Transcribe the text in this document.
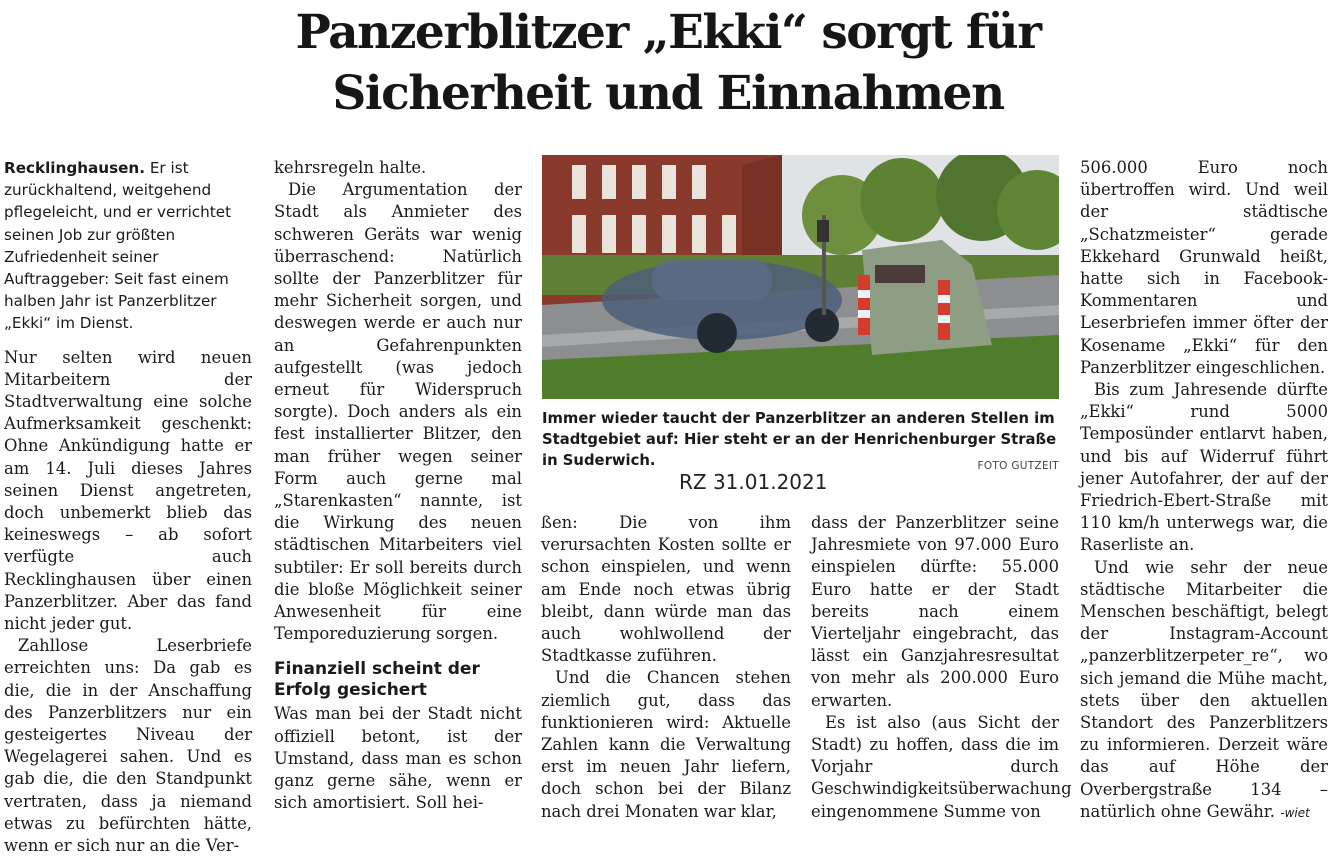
Panzerblitzer „Ekki“ sorgt für
Sicherheit und Einnahmen

Recklinghausen. Er ist zurückhaltend, weitgehend pflegeleicht, und er verrichtet seinen Job zur größten Zufriedenheit seiner Auftraggeber: Seit fast einem halben Jahr ist Panzerblitzer „Ekki“ im Dienst.

Nur selten wird neuen Mitarbeitern der Stadtverwaltung eine solche Aufmerksamkeit geschenkt: Ohne Ankündigung hatte er am 14. Juli dieses Jahres seinen Dienst angetreten, doch unbemerkt blieb das keineswegs – ab sofort verfügte auch Recklinghausen über einen Panzerblitzer. Aber das fand nicht jeder gut.

Zahllose Leserbriefe erreichten uns: Da gab es die, die in der Anschaffung des Panzerblitzers nur ein gesteigertes Niveau der Wegelagerei sahen. Und es gab die, die den Standpunkt vertraten, dass ja niemand etwas zu befürchten hätte, wenn er sich nur an die Ver-

kehrsregeln halte.

Die Argumentation der Stadt als Anmieter des schweren Geräts war wenig überraschend: Natürlich sollte der Panzerblitzer für mehr Sicherheit sorgen, und deswegen werde er auch nur an Gefahrenpunkten aufgestellt (was jedoch erneut für Widerspruch sorgte). Doch anders als ein fest installierter Blitzer, den man früher wegen seiner Form auch gerne mal „Starenkasten“ nannte, ist die Wirkung des neuen städtischen Mitarbeiters viel subtiler: Er soll bereits durch die bloße Möglichkeit seiner Anwesenheit für eine Temporeduzierung sorgen.

Finanziell scheint der Erfolg gesichert

Was man bei der Stadt nicht offiziell betont, ist der Umstand, dass man es schon ganz gerne sähe, wenn er sich amortisiert. Soll hei-

Immer wieder taucht der Panzerblitzer an anderen Stellen im Stadtgebiet auf: Hier steht er an der Henrichenburger Straße in Suderwich.	FOTO GUTZEIT
RZ 31.01.2021

ßen: Die von ihm verursachten Kosten sollte er schon einspielen, und wenn am Ende noch etwas übrig bleibt, dann würde man das auch wohlwollend der Stadtkasse zuführen.

Und die Chancen stehen ziemlich gut, dass das funktionieren wird: Aktuelle Zahlen kann die Verwaltung erst im neuen Jahr liefern, doch schon bei der Bilanz nach drei Monaten war klar,

dass der Panzerblitzer seine Jahresmiete von 97.000 Euro einspielen dürfte: 55.000 Euro hatte er der Stadt bereits nach einem Vierteljahr eingebracht, das lässt ein Ganzjahresresultat von mehr als 200.000 Euro erwarten.

Es ist also (aus Sicht der Stadt) zu hoffen, dass die im Vorjahr durch Geschwindigkeitsüberwachung eingenommene Summe von

506.000 Euro noch übertroffen wird. Und weil der städtische „Schatzmeister“ gerade Ekkehard Grunwald heißt, hatte sich in Facebook-Kommentaren und Leserbriefen immer öfter der Kosename „Ekki“ für den Panzerblitzer eingeschlichen.

Bis zum Jahresende dürfte „Ekki“ rund 5000 Temposünder entlarvt haben, und bis auf Widerruf führt jener Autofahrer, der auf der Friedrich-Ebert-Straße mit 110 km/h unterwegs war, die Raserliste an.

Und wie sehr der neue städtische Mitarbeiter die Menschen beschäftigt, belegt der Instagram-Account „panzerblitzerpeter_re“, wo sich jemand die Mühe macht, stets über den aktuellen Standort des Panzerblitzers zu informieren. Derzeit wäre das auf Höhe der Overbergstraße 134 – natürlich ohne Gewähr. -wiet
